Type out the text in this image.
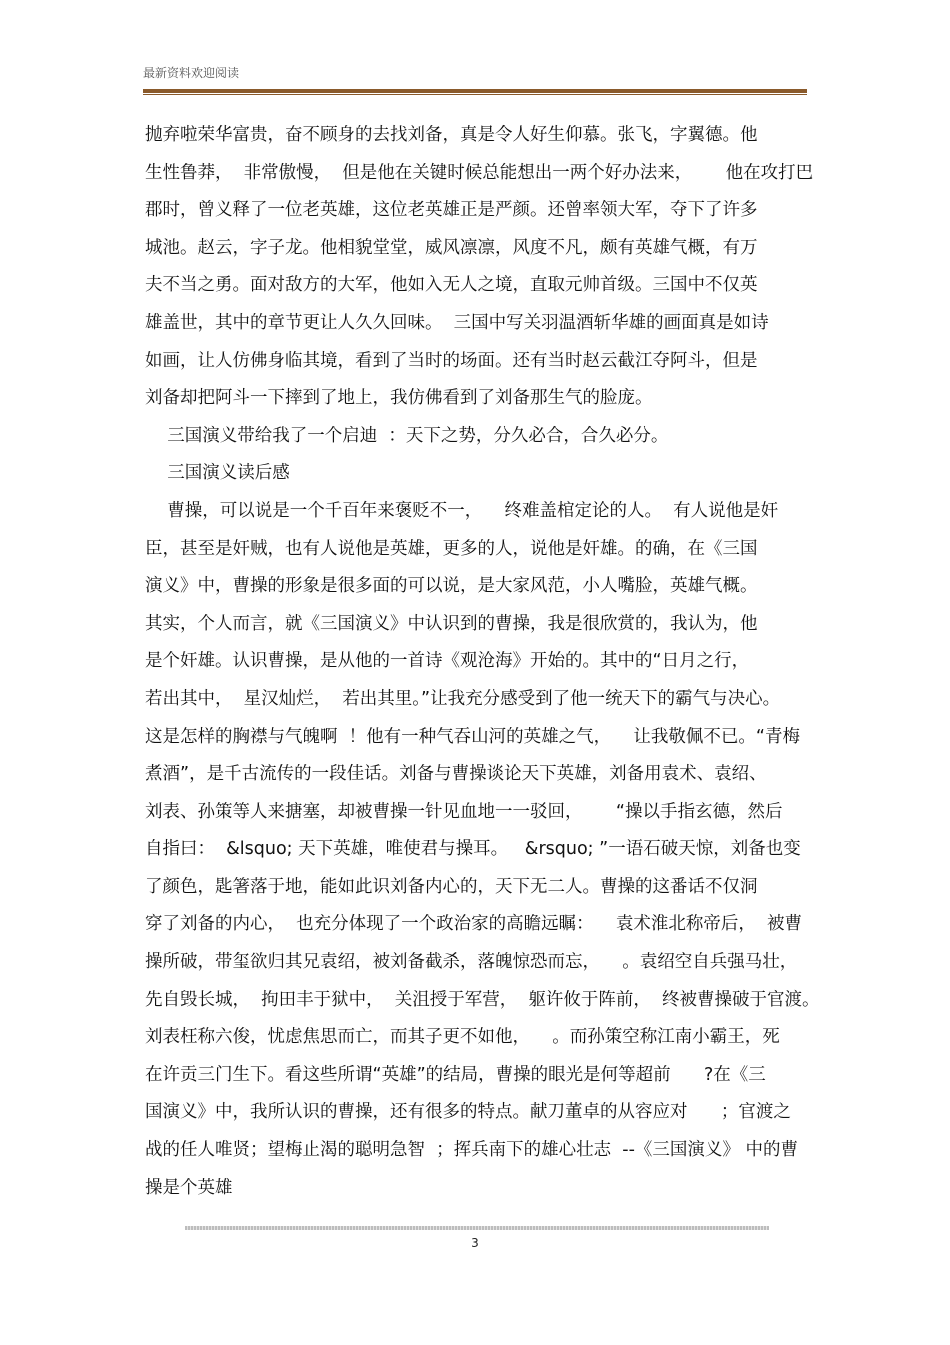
最新资料欢迎阅读
抛弃啦荣华富贵，奋不顾身的去找刘备，真是令人好生仰慕。张飞，字翼德。他
生性鲁莽，  非常傲慢，  但是他在关键时候总能想出一两个好办法来，      他在攻打巴
郡时，曾义释了一位老英雄，这位老英雄正是严颜。还曾率领大军，夺下了许多
城池。赵云，字子龙。他相貌堂堂，威风凛凛，风度不凡，颇有英雄气概，有万
夫不当之勇。面对敌方的大军，他如入无人之境，直取元帅首级。三国中不仅英
雄盖世，其中的章节更让人久久回味。  三国中写关羽温酒斩华雄的画面真是如诗
如画，让人仿佛身临其境，看到了当时的场面。还有当时赵云截江夺阿斗，但是
刘备却把阿斗一下摔到了地上，我仿佛看到了刘备那生气的脸庞。
三国演义带给我了一个启迪  ：天下之势，分久必合，合久必分。
三国演义读后感
曹操，可以说是一个千百年来褒贬不一，    终难盖棺定论的人。  有人说他是奸
臣，甚至是奸贼，也有人说他是英雄，更多的人，说他是奸雄。的确，在《三国
演义》中，曹操的形象是很多面的可以说，是大家风范，小人嘴脸，英雄气概。
其实，个人而言，就《三国演义》中认识到的曹操，我是很欣赏的，我认为，他
是个奸雄。认识曹操，是从他的一首诗《观沧海》开始的。其中的“日月之行，
若出其中，  星汉灿烂，  若出其里。”让我充分感受到了他一统天下的霸气与决心。
这是怎样的胸襟与气魄啊  ！他有一种气吞山河的英雄之气，    让我敬佩不已。“青梅
煮酒”，是千古流传的一段佳话。刘备与曹操谈论天下英雄，刘备用袁术、袁绍、
刘表、孙策等人来搪塞，却被曹操一针见血地一一驳回，      “操以手指玄德，然后
自指曰：  &lsquo; 天下英雄，唯使君与操耳。   &rsquo; ”一语石破天惊，刘备也变
了颜色，匙箸落于地，能如此识刘备内心的，天下无二人。曹操的这番话不仅洞
穿了刘备的内心，  也充分体现了一个政治家的高瞻远瞩：    袁术淮北称帝后，  被曹
操所破，带玺欲归其兄袁绍，被刘备截杀，落魄惊恐而忘，    。袁绍空自兵强马壮，
先自毁长城，  拘田丰于狱中，  关沮授于军营，  躯许攸于阵前，  终被曹操破于官渡。
刘表枉称六俊，忧虑焦思而亡，而其子更不如他，    。而孙策空称江南小霸王，死
在许贡三门生下。看这些所谓“英雄”的结局，曹操的眼光是何等超前      ?在《三
国演义》中，我所认识的曹操，还有很多的特点。献刀董卓的从容应对      ；官渡之
战的任人唯贤；望梅止渴的聪明急智  ；挥兵南下的雄心壮志  --《三国演义》 中的曹
操是个英雄
3
